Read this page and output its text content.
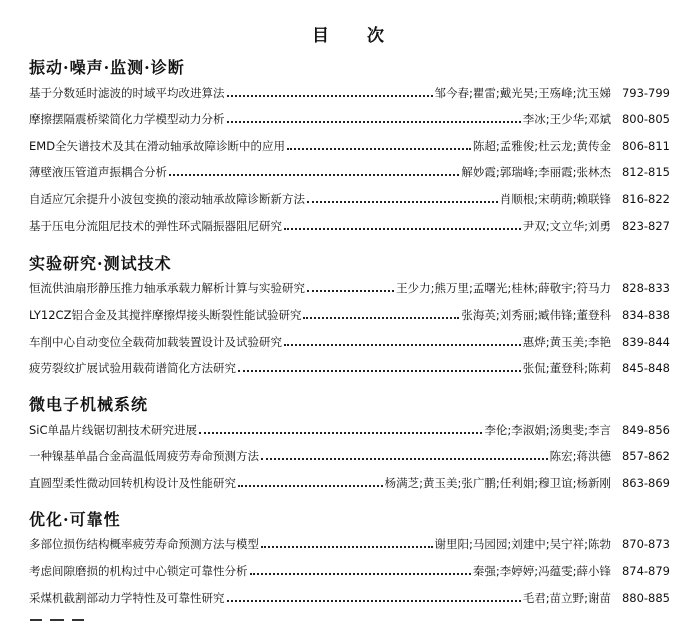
目 次
振动·噪声·监测·诊断
基于分数延时滤波的时域平均改进算法	邹今春;瞿雷;戴光昊;王殇峰;沈玉娣 793-799
摩擦摆隔震桥梁简化力学模型动力分析	李冰;王少华;邓斌 800-805
EMD全矢谱技术及其在滑动轴承故障诊断中的应用	陈超;孟雅俊;杜云龙;黄传金 806-811
薄壁液压管道声振耦合分析	解妙霞;郭瑞峰;李丽霞;张林杰 812-815
自适应冗余提升小波包变换的滚动轴承故障诊断新方法	肖顺根;宋萌萌;赖联锋 816-822
基于压电分流阻尼技术的弹性环式隔振器阻尼研究	尹双;文立华;刘勇 823-827
实验研究·测试技术
恒流供油扇形静压推力轴承承载力解析计算与实验研究	王少力;熊万里;孟曙光;桂林;薛敬宇;符马力 828-833
LY12CZ铝合金及其搅拌摩擦焊接头断裂性能试验研究	张海英;刘秀丽;臧伟锋;董登科 834-838
车削中心自动变位全载荷加载装置设计及试验研究	惠烨;黄玉美;李艳 839-844
疲劳裂纹扩展试验用载荷谱简化方法研究	张侃;董登科;陈莉 845-848
微电子机械系统
SiC单晶片线锯切割技术研究进展	李伦;李淑娟;汤奥斐;李言 849-856
一种镍基单晶合金高温低周疲劳寿命预测方法	陈宏;蒋洪德 857-862
直圆型柔性微动回转机构设计及性能研究	杨满芝;黄玉美;张广鹏;任利娟;穆卫谊;杨新刚 863-869
优化·可靠性
多部位损伤结构概率疲劳寿命预测方法与模型	谢里阳;马园园;刘建中;吴宁祥;陈勃 870-873
考虑间隙磨损的机构过中心锁定可靠性分析	秦强;李婷婷;冯蕴雯;薛小锋 874-879
采煤机截割部动力学特性及可靠性研究	毛君;苗立野;谢苗 880-885
